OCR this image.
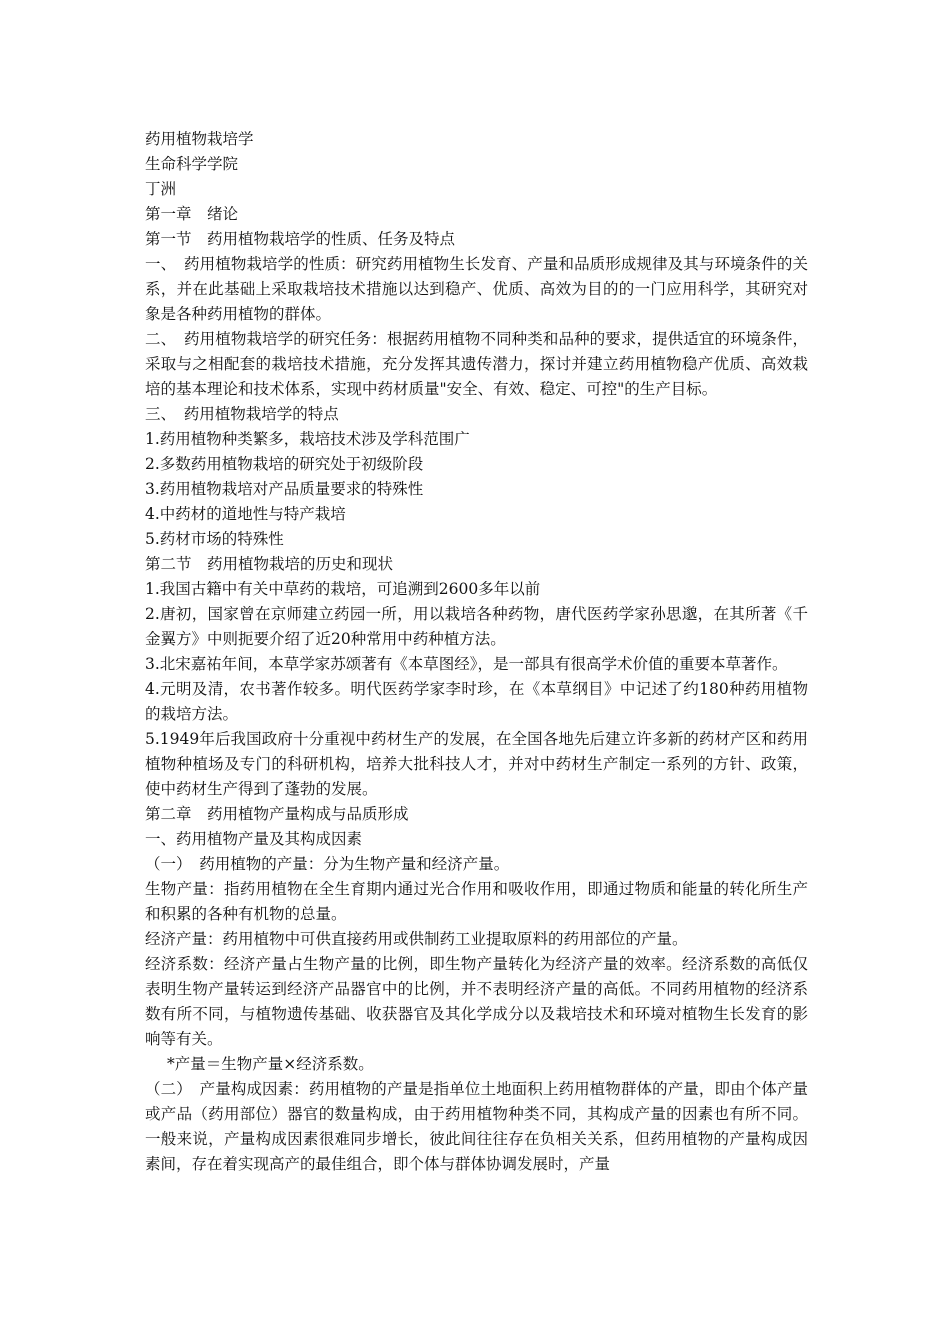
药用植物栽培学

生命科学学院

丁洲

第一章　绪论

第一节　药用植物栽培学的性质、任务及特点

一、　药用植物栽培学的性质：研究药用植物生长发育、产量和品质形成规律及其与环境条件的关系，并在此基础上采取栽培技术措施以达到稳产、优质、高效为目的的一门应用科学，其研究对象是各种药用植物的群体。

二、　药用植物栽培学的研究任务：根据药用植物不同种类和品种的要求，提供适宜的环境条件，采取与之相配套的栽培技术措施，充分发挥其遗传潜力，探讨并建立药用植物稳产优质、高效栽培的基本理论和技术体系，实现中药材质量"安全、有效、稳定、可控"的生产目标。

三、　药用植物栽培学的特点

1.药用植物种类繁多，栽培技术涉及学科范围广

2.多数药用植物栽培的研究处于初级阶段

3.药用植物栽培对产品质量要求的特殊性

4.中药材的道地性与特产栽培

5.药材市场的特殊性

第二节　药用植物栽培的历史和现状

1.我国古籍中有关中草药的栽培，可追溯到2600多年以前

2.唐初，国家曾在京师建立药园一所，用以栽培各种药物，唐代医药学家孙思邈，在其所著《千金翼方》中则扼要介绍了近20种常用中药种植方法。

3.北宋嘉祐年间，本草学家苏颂著有《本草图经》，是一部具有很高学术价值的重要本草著作。

4.元明及清，农书著作较多。明代医药学家李时珍，在《本草纲目》中记述了约180种药用植物的栽培方法。

5.1949年后我国政府十分重视中药材生产的发展，在全国各地先后建立许多新的药材产区和药用植物种植场及专门的科研机构，培养大批科技人才，并对中药材生产制定一系列的方针、政策，使中药材生产得到了蓬勃的发展。

第二章　药用植物产量构成与品质形成

一、药用植物产量及其构成因素

（一）　药用植物的产量：分为生物产量和经济产量。

生物产量：指药用植物在全生育期内通过光合作用和吸收作用，即通过物质和能量的转化所生产和积累的各种有机物的总量。

经济产量：药用植物中可供直接药用或供制药工业提取原料的药用部位的产量。

经济系数：经济产量占生物产量的比例，即生物产量转化为经济产量的效率。经济系数的高低仅表明生物产量转运到经济产品器官中的比例，并不表明经济产量的高低。不同药用植物的经济系数有所不同，与植物遗传基础、收获器官及其化学成分以及栽培技术和环境对植物生长发育的影响等有关。

*产量＝生物产量×经济系数。

（二）　产量构成因素：药用植物的产量是指单位土地面积上药用植物群体的产量，即由个体产量或产品（药用部位）器官的数量构成，由于药用植物种类不同，其构成产量的因素也有所不同。一般来说，产量构成因素很难同步增长，彼此间往往存在负相关关系，但药用植物的产量构成因素间，存在着实现高产的最佳组合，即个体与群体协调发展时，产量
